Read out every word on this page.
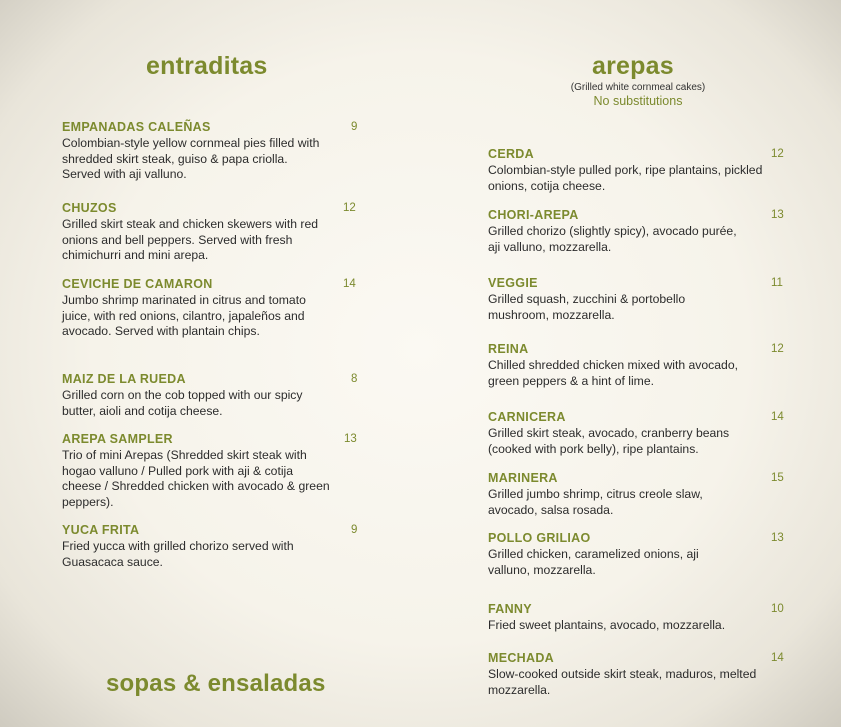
entraditas
EMPANADAS CALEÑAS
Colombian-style yellow cornmeal pies filled with shredded skirt steak, guiso & papa criolla. Served with aji valluno.
9
CHUZOS
Grilled skirt steak and chicken skewers with red onions and bell peppers. Served with fresh chimichurri and mini arepa.
12
CEVICHE DE CAMARON
Jumbo shrimp marinated in citrus and tomato juice, with red onions, cilantro, japaleños and avocado. Served with plantain chips.
14
MAIZ DE LA RUEDA
Grilled corn on the cob topped with our spicy butter, aioli and cotija cheese.
8
AREPA SAMPLER
Trio of mini Arepas (Shredded skirt steak with hogao valluno / Pulled pork with aji & cotija cheese / Shredded chicken with avocado & green peppers).
13
YUCA FRITA
Fried yucca with grilled chorizo served with Guasacaca sauce.
9
sopas & ensaladas
arepas
(Grilled white cornmeal cakes)
No substitutions
CERDA
Colombian-style pulled pork, ripe plantains, pickled onions, cotija cheese.
12
CHORI-AREPA
Grilled chorizo (slightly spicy), avocado purée, aji valluno, mozzarella.
13
VEGGIE
Grilled squash, zucchini & portobello mushroom, mozzarella.
11
REINA
Chilled shredded chicken mixed with avocado, green peppers & a hint of lime.
12
CARNICERA
Grilled skirt steak, avocado, cranberry beans (cooked with pork belly), ripe plantains.
14
MARINERA
Grilled jumbo shrimp, citrus creole slaw, avocado, salsa rosada.
15
POLLO GRILIAO
Grilled chicken, caramelized onions, aji valluno, mozzarella.
13
FANNY
Fried sweet plantains, avocado, mozzarella.
10
MECHADA
Slow-cooked outside skirt steak, maduros, melted mozzarella.
14
